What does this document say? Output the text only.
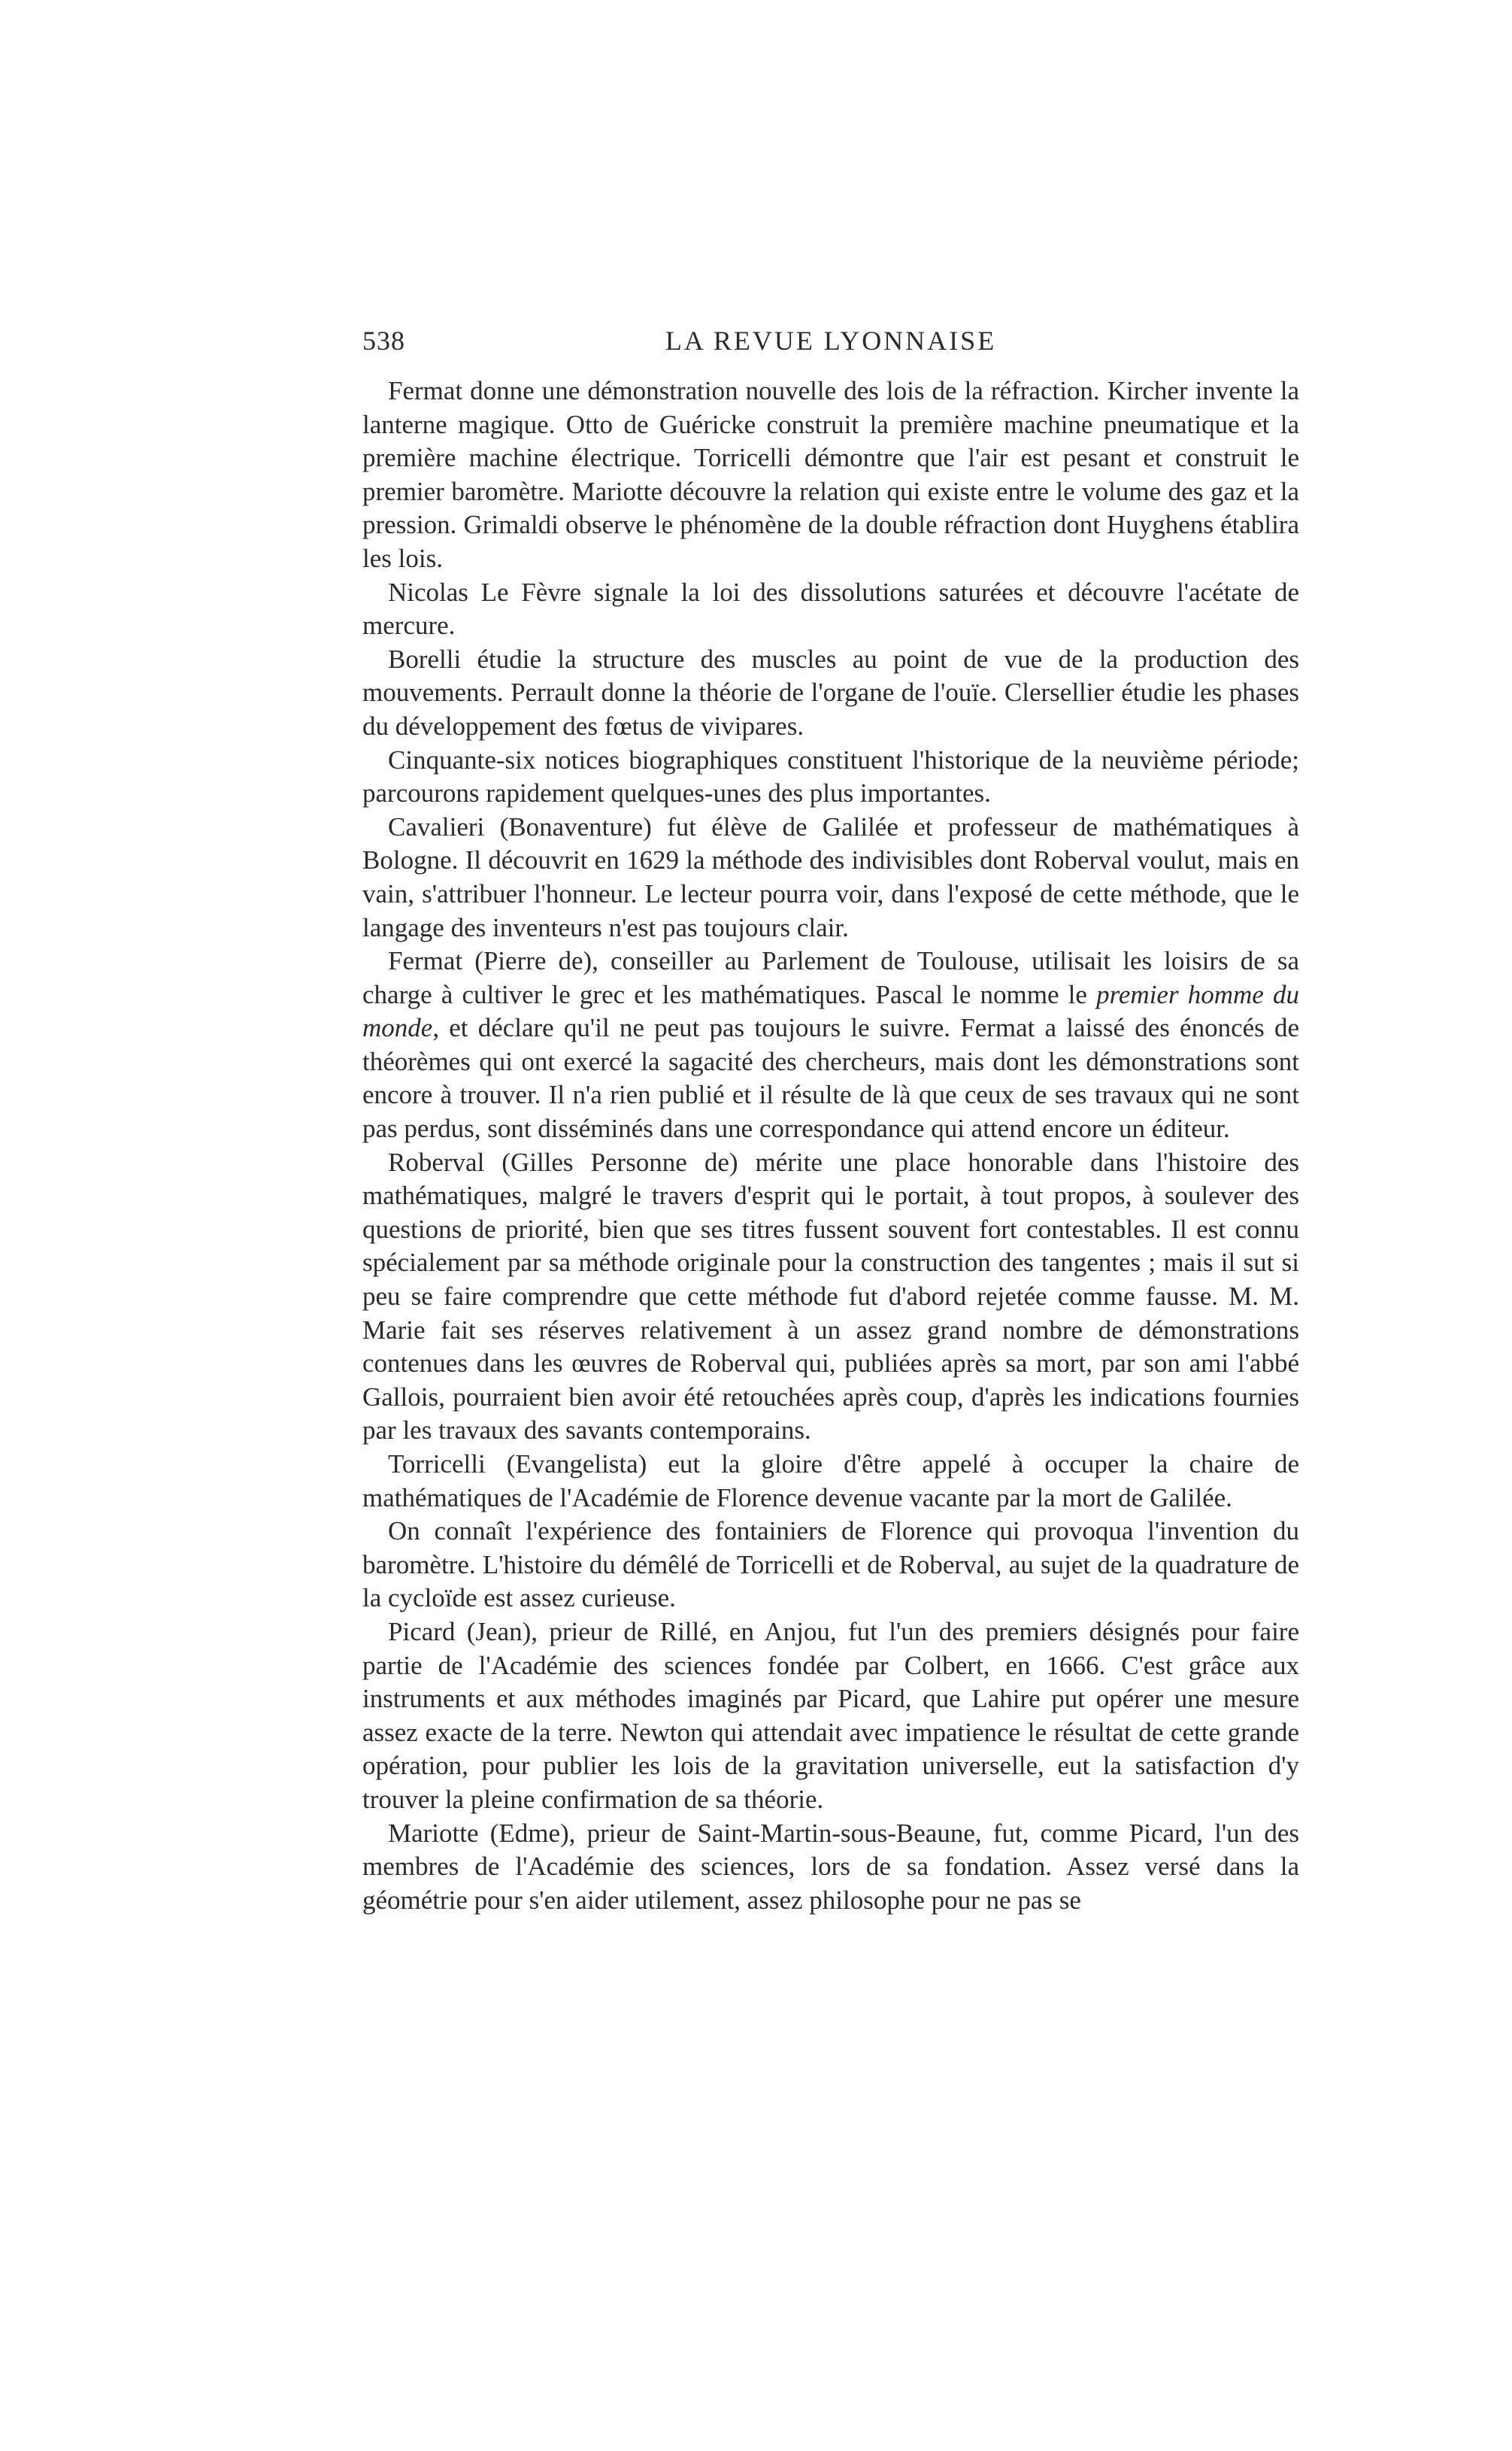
538	LA REVUE LYONNAISE

Fermat donne une démonstration nouvelle des lois de la réfraction. Kircher invente la lanterne magique. Otto de Guéricke construit la première machine pneumatique et la première machine électrique. Torricelli démontre que l'air est pesant et construit le premier baromètre. Mariotte découvre la relation qui existe entre le volume des gaz et la pression. Grimaldi observe le phénomène de la double réfraction dont Huyghens établira les lois.

Nicolas Le Fèvre signale la loi des dissolutions saturées et découvre l'acétate de mercure.

Borelli étudie la structure des muscles au point de vue de la production des mouvements. Perrault donne la théorie de l'organe de l'ouïe. Clersellier étudie les phases du développement des fœtus de vivipares.

Cinquante-six notices biographiques constituent l'historique de la neuvième période; parcourons rapidement quelques-unes des plus importantes.

Cavalieri (Bonaventure) fut élève de Galilée et professeur de mathématiques à Bologne. Il découvrit en 1629 la méthode des indivisibles dont Roberval voulut, mais en vain, s'attribuer l'honneur. Le lecteur pourra voir, dans l'exposé de cette méthode, que le langage des inventeurs n'est pas toujours clair.

Fermat (Pierre de), conseiller au Parlement de Toulouse, utilisait les loisirs de sa charge à cultiver le grec et les mathématiques. Pascal le nomme le premier homme du monde, et déclare qu'il ne peut pas toujours le suivre. Fermat a laissé des énoncés de théorèmes qui ont exercé la sagacité des chercheurs, mais dont les démonstrations sont encore à trouver. Il n'a rien publié et il résulte de là que ceux de ses travaux qui ne sont pas perdus, sont disséminés dans une correspondance qui attend encore un éditeur.

Roberval (Gilles Personne de) mérite une place honorable dans l'histoire des mathématiques, malgré le travers d'esprit qui le portait, à tout propos, à soulever des questions de priorité, bien que ses titres fussent souvent fort contestables. Il est connu spécialement par sa méthode originale pour la construction des tangentes ; mais il sut si peu se faire comprendre que cette méthode fut d'abord rejetée comme fausse. M. M. Marie fait ses réserves relativement à un assez grand nombre de démonstrations contenues dans les œuvres de Roberval qui, publiées après sa mort, par son ami l'abbé Gallois, pourraient bien avoir été retouchées après coup, d'après les indications fournies par les travaux des savants contemporains.

Torricelli (Evangelista) eut la gloire d'être appelé à occuper la chaire de mathématiques de l'Académie de Florence devenue vacante par la mort de Galilée.

On connaît l'expérience des fontainiers de Florence qui provoqua l'invention du baromètre. L'histoire du démêlé de Torricelli et de Roberval, au sujet de la quadrature de la cycloïde est assez curieuse.

Picard (Jean), prieur de Rillé, en Anjou, fut l'un des premiers désignés pour faire partie de l'Académie des sciences fondée par Colbert, en 1666. C'est grâce aux instruments et aux méthodes imaginés par Picard, que Lahire put opérer une mesure assez exacte de la terre. Newton qui attendait avec impatience le résultat de cette grande opération, pour publier les lois de la gravitation universelle, eut la satisfaction d'y trouver la pleine confirmation de sa théorie.

Mariotte (Edme), prieur de Saint-Martin-sous-Beaune, fut, comme Picard, l'un des membres de l'Académie des sciences, lors de sa fondation. Assez versé dans la géométrie pour s'en aider utilement, assez philosophe pour ne pas se
